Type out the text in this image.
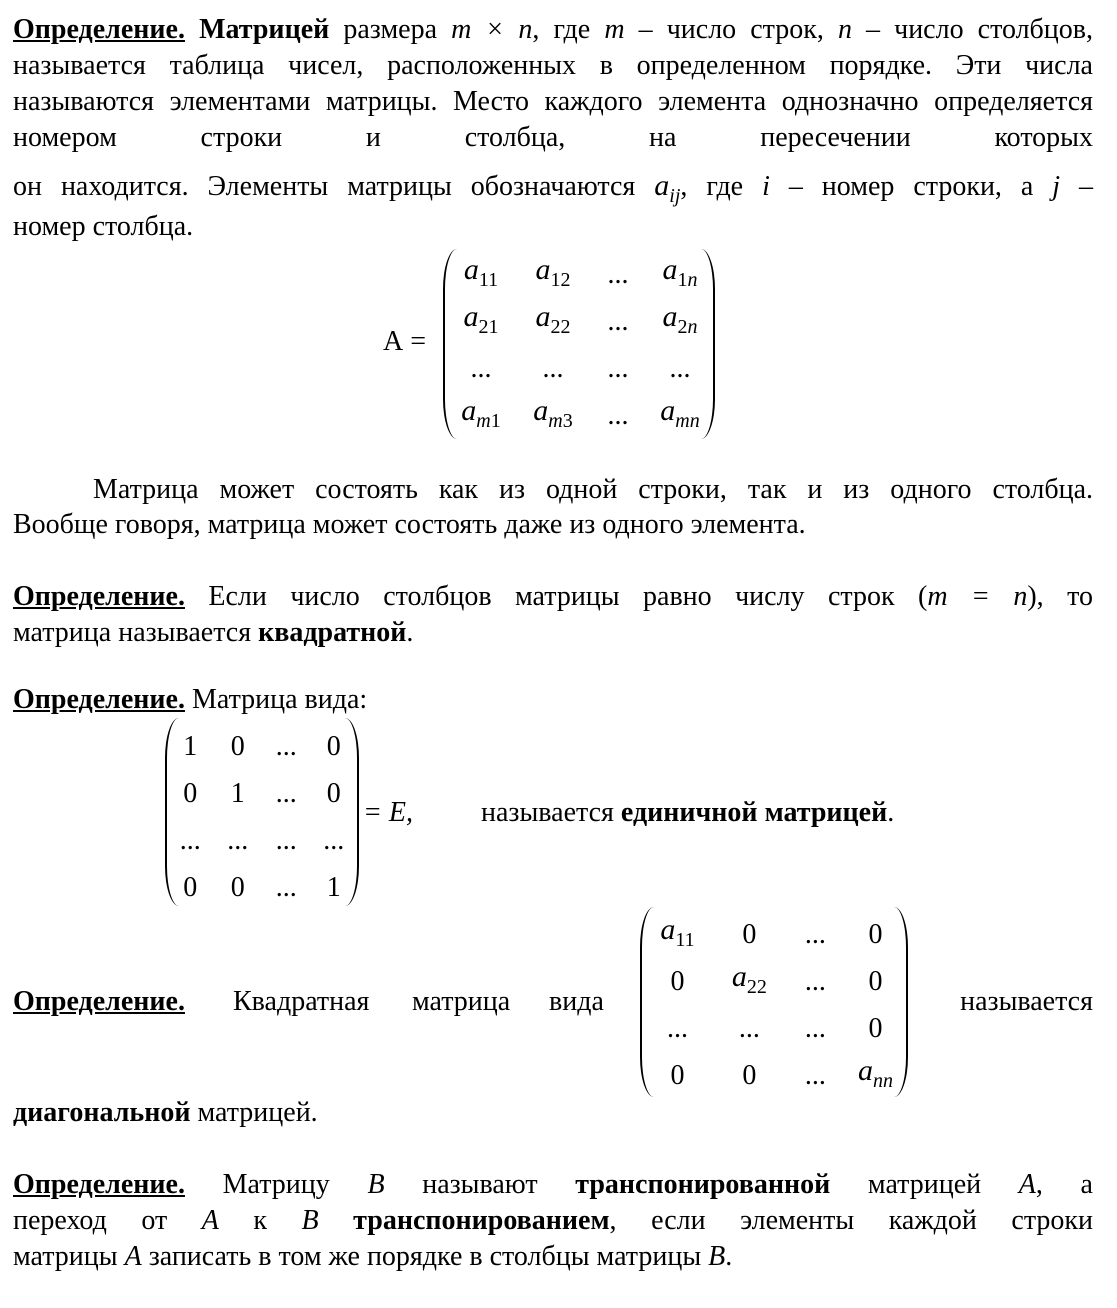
Определение. Матрицей размера m × n, где m – число строк, n – число столбцов, называется таблица чисел, расположенных в определенном порядке. Эти числа называются элементами матрицы. Место каждого элемента однозначно определяется номером строки и столбца, на пересечении которых

он находится. Элементы матрицы обозначаются $a_{ij}$, где i – номер строки, а j –

номер столбца.

А =
$a_{11}$	$a_{12}$	...	$a_{1n}$
$a_{21}$	$a_{22}$	...	$a_{2n}$
...	...	...	...
$a_{m1}$	$a_{m3}$	...	$a_{mn}$

Матрица может состоять как из одной строки, так и из одного столбца.

Вообще говоря, матрица может состоять даже из одного элемента.

Определение. Если число столбцов матрицы равно числу строк (m = n), то

матрица называется квадратной.

Определение. Матрица вида:

1	0	...	0
0	1	...	0
... ... ... ...
0	0	...	1
= E, называется единичной матрицей.
Определение. Квадратная матрица вида	называется
$a_{11}$	0	...	0
0	$a_{22}$	...	0
...	...	...	0
0	0	...	$a_{nn}$

диагональной матрицей.

Определение. Матрицу B называют транспонированной матрицей A, а

переход от A к B транспонированием, если элементы каждой строки

матрицы A записать в том же порядке в столбцы матрицы B.
